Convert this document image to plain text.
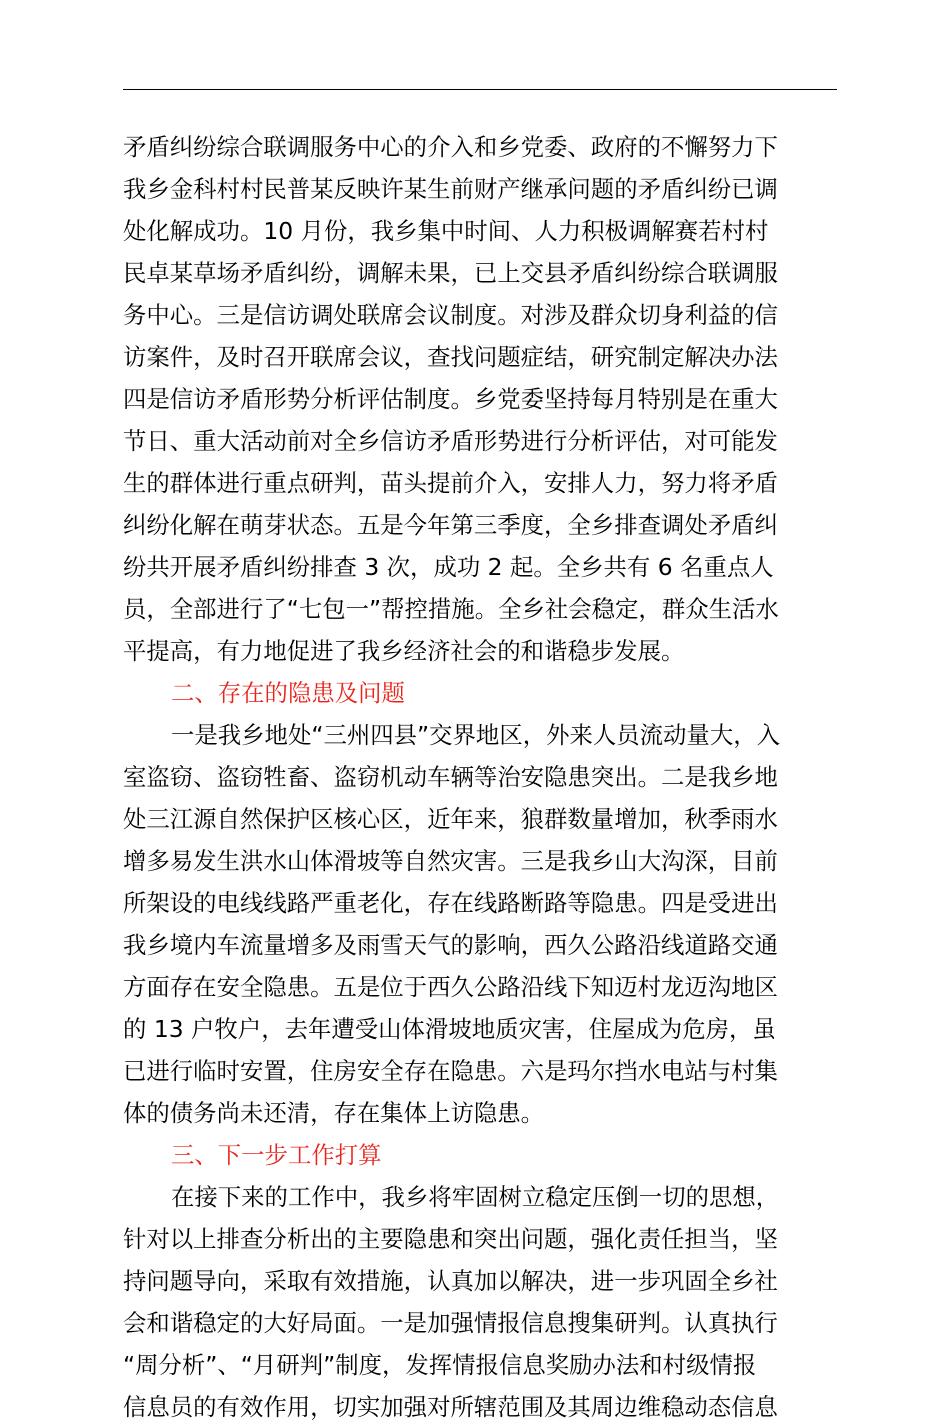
矛盾纠纷综合联调服务中心的介入和乡党委、政府的不懈努力下
我乡金科村村民普某反映许某生前财产继承问题的矛盾纠纷已调
处化解成功。10 月份，我乡集中时间、人力积极调解赛若村村
民卓某草场矛盾纠纷，调解未果，已上交县矛盾纠纷综合联调服
务中心。三是信访调处联席会议制度。对涉及群众切身利益的信
访案件，及时召开联席会议，查找问题症结，研究制定解决办法
四是信访矛盾形势分析评估制度。乡党委坚持每月特别是在重大
节日、重大活动前对全乡信访矛盾形势进行分析评估，对可能发
生的群体进行重点研判，苗头提前介入，安排人力，努力将矛盾
纠纷化解在萌芽状态。五是今年第三季度，全乡排查调处矛盾纠
纷共开展矛盾纠纷排查 3 次，成功 2 起。全乡共有 6 名重点人
员，全部进行了“七包一”帮控措施。全乡社会稳定，群众生活水
平提高，有力地促进了我乡经济社会的和谐稳步发展。
二、存在的隐患及问题
一是我乡地处“三州四县”交界地区，外来人员流动量大，入
室盗窃、盗窃牲畜、盗窃机动车辆等治安隐患突出。二是我乡地
处三江源自然保护区核心区，近年来，狼群数量增加，秋季雨水
增多易发生洪水山体滑坡等自然灾害。三是我乡山大沟深，目前
所架设的电线线路严重老化，存在线路断路等隐患。四是受进出
我乡境内车流量增多及雨雪天气的影响，西久公路沿线道路交通
方面存在安全隐患。五是位于西久公路沿线下知迈村龙迈沟地区
的 13 户牧户，去年遭受山体滑坡地质灾害，住屋成为危房，虽
已进行临时安置，住房安全存在隐患。六是玛尔挡水电站与村集
体的债务尚未还清，存在集体上访隐患。
三、下一步工作打算
在接下来的工作中，我乡将牢固树立稳定压倒一切的思想，
针对以上排查分析出的主要隐患和突出问题，强化责任担当，坚
持问题导向，采取有效措施，认真加以解决，进一步巩固全乡社
会和谐稳定的大好局面。一是加强情报信息搜集研判。认真执行
“周分析”、“月研判”制度，发挥情报信息奖励办法和村级情报
信息员的有效作用，切实加强对所辖范围及其周边维稳动态信息
